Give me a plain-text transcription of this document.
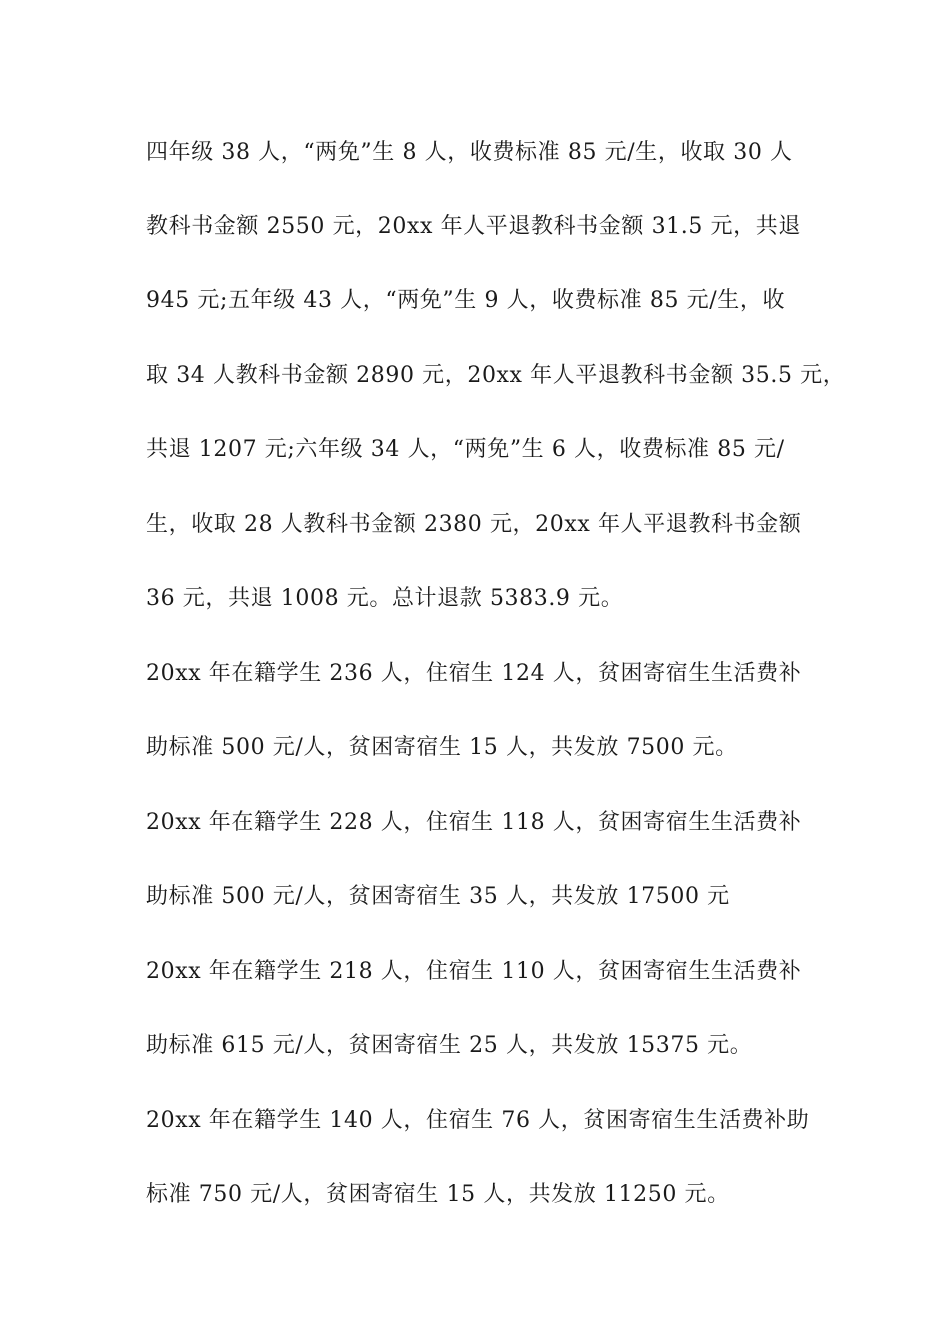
四年级 38 人，“两免”生 8 人，收费标准 85 元/生，收取 30 人
教科书金额 2550 元，20xx 年人平退教科书金额 31.5 元，共退
945 元;五年级 43 人，“两免”生 9 人，收费标准 85 元/生，收
取 34 人教科书金额 2890 元，20xx 年人平退教科书金额 35.5 元，
共退 1207 元;六年级 34 人，“两免”生 6 人，收费标准 85 元/
生，收取 28 人教科书金额 2380 元，20xx 年人平退教科书金额
36 元，共退 1008 元。总计退款 5383.9 元。
20xx 年在籍学生 236 人，住宿生 124 人，贫困寄宿生生活费补
助标准 500 元/人，贫困寄宿生 15 人，共发放 7500 元。
20xx 年在籍学生 228 人，住宿生 118 人，贫困寄宿生生活费补
助标准 500 元/人，贫困寄宿生 35 人，共发放 17500 元
20xx 年在籍学生 218 人，住宿生 110 人，贫困寄宿生生活费补
助标准 615 元/人，贫困寄宿生 25 人，共发放 15375 元。
20xx 年在籍学生 140 人，住宿生 76 人，贫困寄宿生生活费补助
标准 750 元/人，贫困寄宿生 15 人，共发放 11250 元。
